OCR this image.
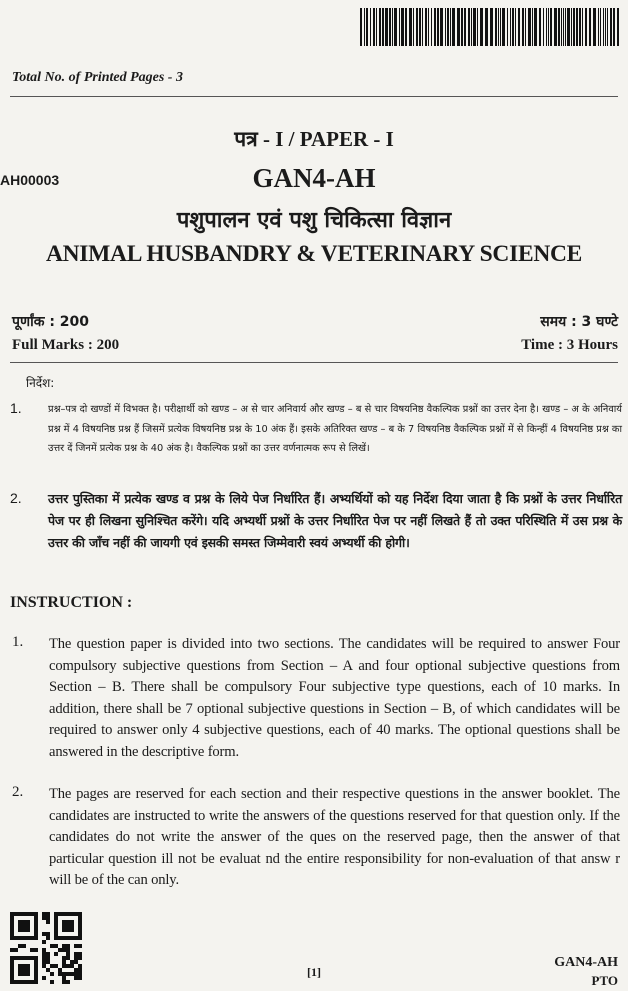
Total No. of Printed Pages - 3
पत्र - I / PAPER - I
AH00003	GAN4-AH
पशुपालन एवं पशु चिकित्सा विज्ञान
ANIMAL HUSBANDRY & VETERINARY SCIENCE
पूर्णांक : 200
Full Marks : 200
समय : 3 घण्टे
Time : 3 Hours
निर्देश:
1.	प्रश्न–पत्र दो खण्डों में विभक्त है। परीक्षार्थी को खण्ड – अ से चार अनिवार्य और खण्ड – ब से चार विषयनिष्ठ वैकल्पिक प्रश्नों का उत्तर देना है। खण्ड – अ के अनिवार्य प्रश्न में 4 विषयनिष्ठ प्रश्न हैं जिसमें प्रत्येक विषयनिष्ठ प्रश्न के 10 अंक हैं। इसके अतिरिक्त खण्ड – ब के 7 विषयनिष्ठ वैकल्पिक प्रश्नों में से किन्हीं 4 विषयनिष्ठ प्रश्न का उत्तर दें जिनमें प्रत्येक प्रश्न के 40 अंक है। वैकल्पिक प्रश्नों का उत्तर वर्णनात्मक रूप से लिखें।
2. उत्तर पुस्तिका में प्रत्येक खण्ड व प्रश्न के लिये पेज निर्धारित हैं। अभ्यर्थियों को यह निर्देश दिया जाता है कि प्रश्नों के उत्तर निर्धारित पेज पर ही लिखना सुनिश्चित करेंगे। यदि अभ्यर्थी प्रश्नों के उत्तर निर्धारित पेज पर नहीं लिखते हैं तो उक्त परिस्थिति में उस प्रश्न के उत्तर की जाँच नहीं की जायगी एवं इसकी समस्त जिम्मेवारी स्वयं अभ्यर्थी की होगी।
INSTRUCTION :
1. The question paper is divided into two sections. The candidates will be required to answer Four compulsory subjective questions from Section – A and four optional subjective questions from Section – B. There shall be compulsory Four subjective type questions, each of 10 marks. In addition, there shall be 7 optional subjective questions in Section – B, of which candidates will be required to answer only 4 subjective questions, each of 40 marks. The optional questions shall be answered in the descriptive form.
2. The pages are reserved for each section and their respective questions in the answer booklet. The candidates are instructed to write the answers of the questions reserved for that question only. If the candidates do not write the answer of the ques on the reserved page, then the answer of that particular question ill not be evaluat nd the entire responsibility for non-evaluation of that answ r will be of the can only.
[1]
GAN4-AH
PTO
